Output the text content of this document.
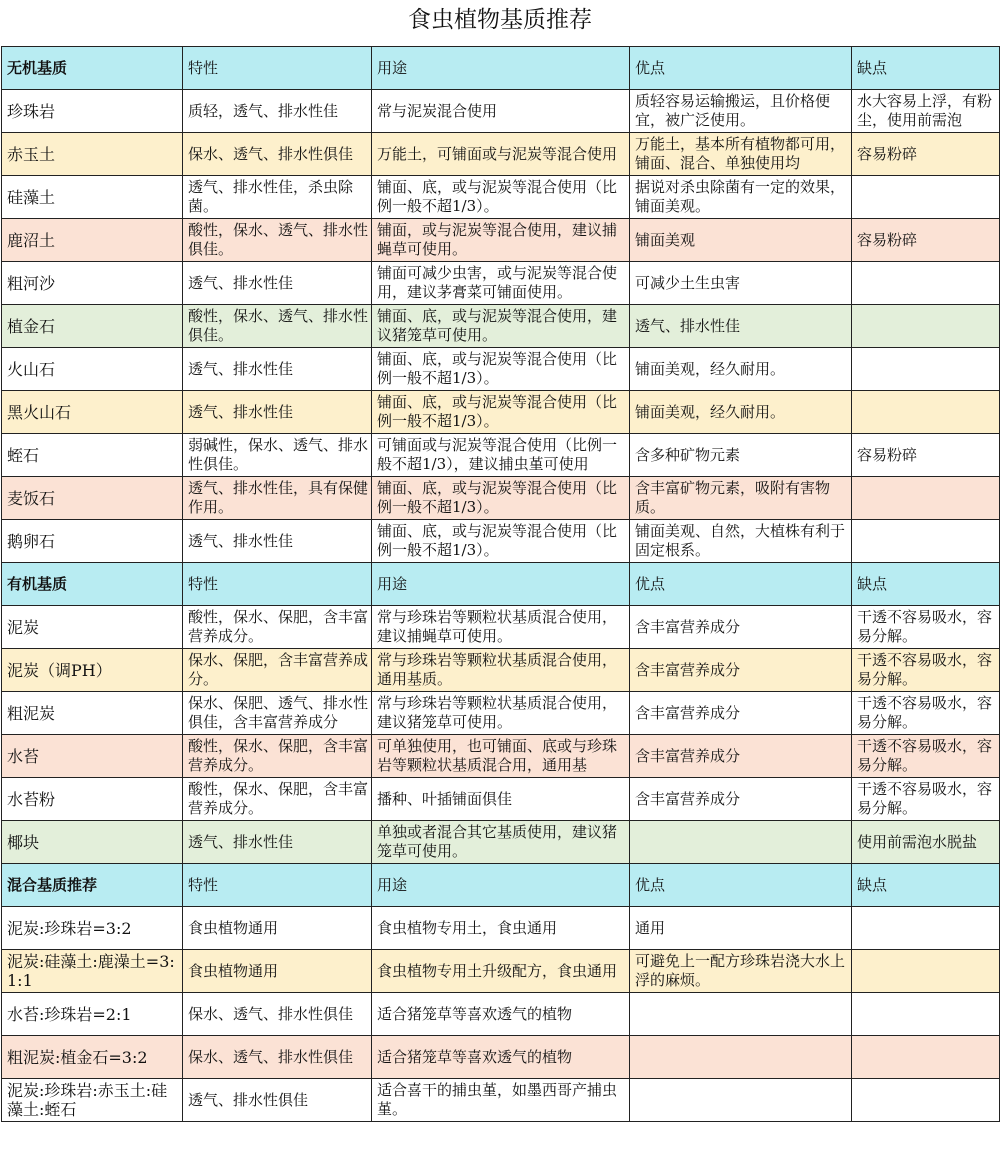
食虫植物基质推荐
无机基质	特性	用途	优点	缺点
珍珠岩	质轻，透气、排水性佳	常与泥炭混合使用	质轻容易运输搬运，且价格便宜，被广泛使用。	水大容易上浮，有粉尘，使用前需泡
赤玉土	保水、透气、排水性俱佳	万能土，可铺面或与泥炭等混合使用	万能土，基本所有植物都可用，铺面、混合、单独使用均	容易粉碎
硅藻土	透气、排水性佳，杀虫除菌。	铺面、底，或与泥炭等混合使用（比例一般不超1/3）。	据说对杀虫除菌有一定的效果，铺面美观。	
鹿沼土	酸性，保水、透气、排水性俱佳。	铺面，或与泥炭等混合使用，建议捕蝇草可使用。	铺面美观	容易粉碎
粗河沙	透气、排水性佳	铺面可减少虫害，或与泥炭等混合使用，建议茅膏菜可铺面使用。	可减少土生虫害	
植金石	酸性，保水、透气、排水性俱佳。	铺面、底，或与泥炭等混合使用，建议猪笼草可使用。	透气、排水性佳	
火山石	透气、排水性佳	铺面、底，或与泥炭等混合使用（比例一般不超1/3）。	铺面美观，经久耐用。	
黑火山石	透气、排水性佳	铺面、底，或与泥炭等混合使用（比例一般不超1/3）。	铺面美观，经久耐用。	
蛭石	弱碱性，保水、透气、排水性俱佳。	可铺面或与泥炭等混合使用（比例一般不超1/3），建议捕虫堇可使用	含多种矿物元素	容易粉碎
麦饭石	透气、排水性佳，具有保健作用。	铺面、底，或与泥炭等混合使用（比例一般不超1/3）。	含丰富矿物元素，吸附有害物质。	
鹅卵石	透气、排水性佳	铺面、底，或与泥炭等混合使用（比例一般不超1/3）。	铺面美观、自然，大植株有利于固定根系。	
有机基质	特性	用途	优点	缺点
泥炭	酸性，保水、保肥，含丰富营养成分。	常与珍珠岩等颗粒状基质混合使用，建议捕蝇草可使用。	含丰富营养成分	干透不容易吸水，容易分解。
泥炭（调PH）	保水、保肥，含丰富营养成分。	常与珍珠岩等颗粒状基质混合使用，通用基质。	含丰富营养成分	干透不容易吸水，容易分解。
粗泥炭	保水、保肥、透气、排水性俱佳，含丰富营养成分	常与珍珠岩等颗粒状基质混合使用，建议猪笼草可使用。	含丰富营养成分	干透不容易吸水，容易分解。
水苔	酸性，保水、保肥，含丰富营养成分。	可单独使用，也可铺面、底或与珍珠岩等颗粒状基质混合用，通用基	含丰富营养成分	干透不容易吸水，容易分解。
水苔粉	酸性，保水、保肥，含丰富营养成分。	播种、叶插铺面俱佳	含丰富营养成分	干透不容易吸水，容易分解。
椰块	透气、排水性佳	单独或者混合其它基质使用，建议猪笼草可使用。		使用前需泡水脱盐
混合基质推荐	特性	用途	优点	缺点
泥炭:珍珠岩=3:2	食虫植物通用	食虫植物专用土，食虫通用	通用	
泥炭:硅藻土:鹿澡土=3:1:1	食虫植物通用	食虫植物专用土升级配方，食虫通用	可避免上一配方珍珠岩浇大水上浮的麻烦。	
水苔:珍珠岩=2:1	保水、透气、排水性俱佳	适合猪笼草等喜欢透气的植物		
粗泥炭:植金石=3:2	保水、透气、排水性俱佳	适合猪笼草等喜欢透气的植物		
泥炭:珍珠岩:赤玉土:硅藻土:蛭石	透气、排水性俱佳	适合喜干的捕虫堇，如墨西哥产捕虫堇。		
